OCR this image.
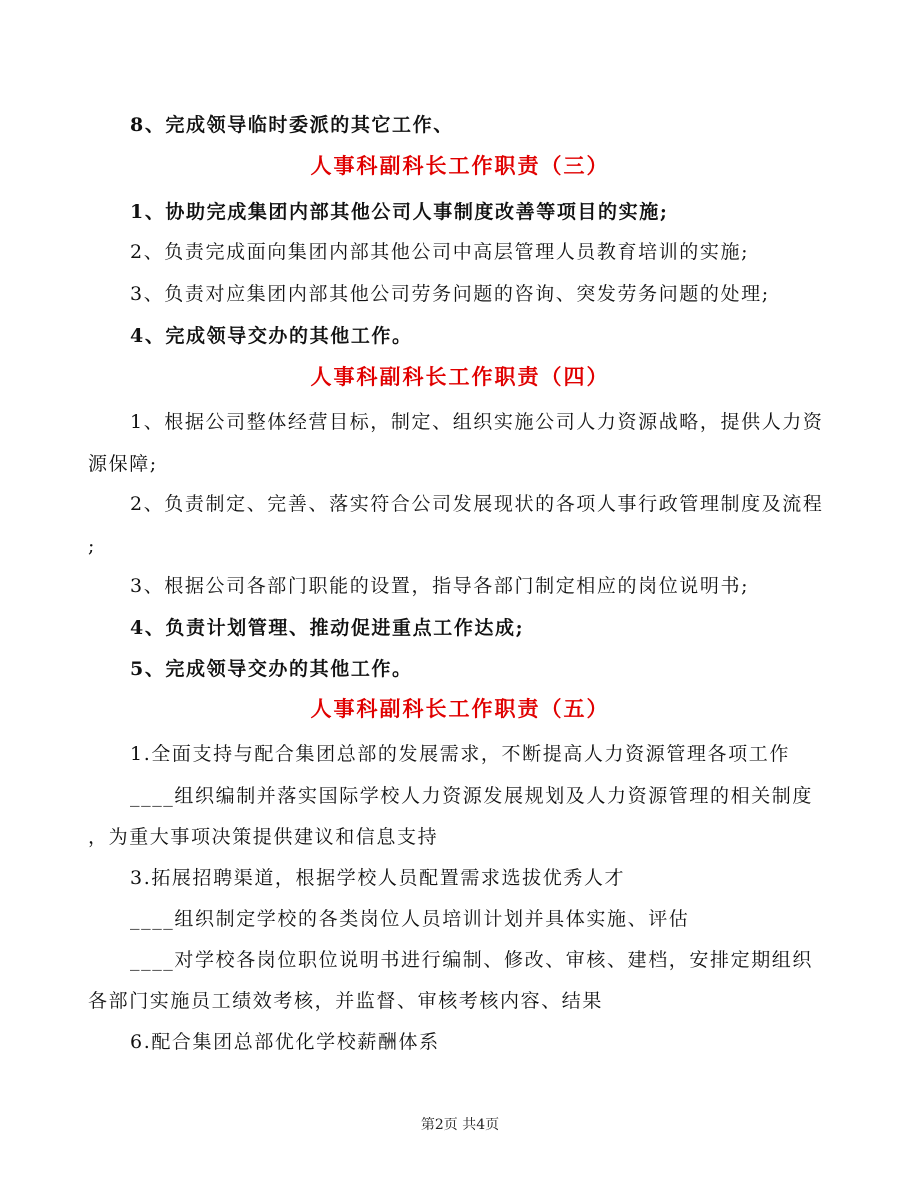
8、完成领导临时委派的其它工作、
人事科副科长工作职责（三）
1、协助完成集团内部其他公司人事制度改善等项目的实施;
2、负责完成面向集团内部其他公司中高层管理人员教育培训的实施;
3、负责对应集团内部其他公司劳务问题的咨询、突发劳务问题的处理;
4、完成领导交办的其他工作。
人事科副科长工作职责（四）
1、根据公司整体经营目标，制定、组织实施公司人力资源战略，提供人力资
源保障;
2、负责制定、完善、落实符合公司发展现状的各项人事行政管理制度及流程
;
3、根据公司各部门职能的设置，指导各部门制定相应的岗位说明书;
4、负责计划管理、推动促进重点工作达成;
5、完成领导交办的其他工作。
人事科副科长工作职责（五）
1.全面支持与配合集团总部的发展需求，不断提高人力资源管理各项工作
____组织编制并落实国际学校人力资源发展规划及人力资源管理的相关制度
，为重大事项决策提供建议和信息支持
3.拓展招聘渠道，根据学校人员配置需求选拔优秀人才
____组织制定学校的各类岗位人员培训计划并具体实施、评估
____对学校各岗位职位说明书进行编制、修改、审核、建档，安排定期组织
各部门实施员工绩效考核，并监督、审核考核内容、结果
6.配合集团总部优化学校薪酬体系
第2页 共4页
